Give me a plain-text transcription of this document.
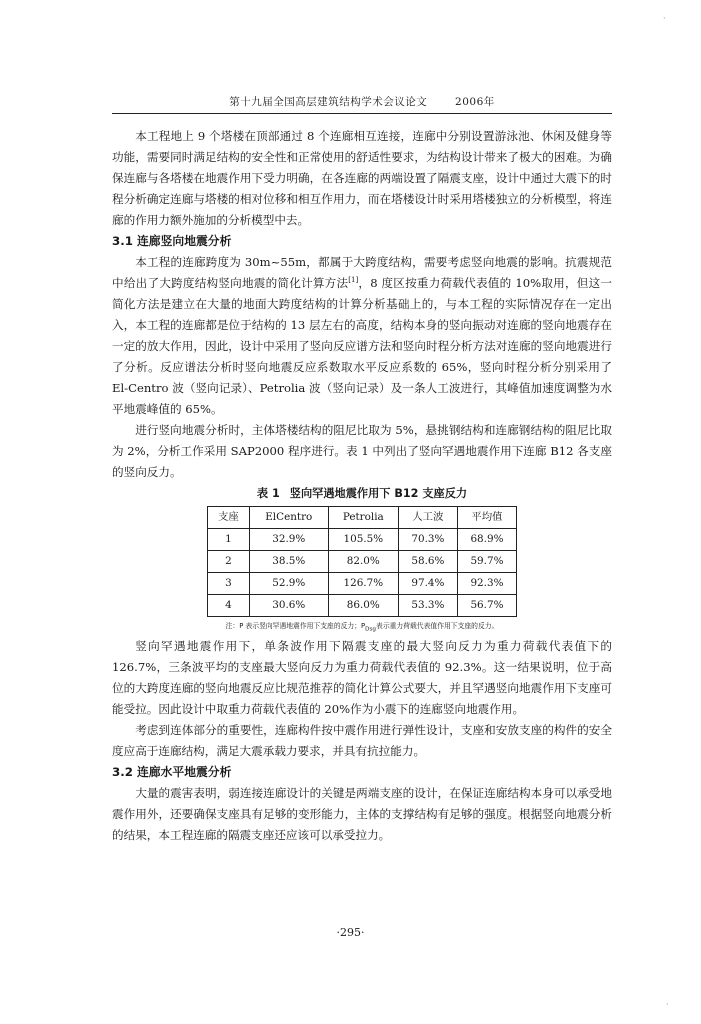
第十九届全国高层建筑结构学术会议论文	2006年

本工程地上 9 个塔楼在顶部通过 8 个连廊相互连接，连廊中分别设置游泳池、休闲及健身等功能，需要同时满足结构的安全性和正常使用的舒适性要求，为结构设计带来了极大的困难。为确保连廊与各塔楼在地震作用下受力明确，在各连廊的两端设置了隔震支座，设计中通过大震下的时程分析确定连廊与塔楼的相对位移和相互作用力，而在塔楼设计时采用塔楼独立的分析模型，将连廊的作用力额外施加的分析模型中去。

3.1 连廊竖向地震分析

本工程的连廊跨度为 30m~55m，都属于大跨度结构，需要考虑竖向地震的影响。抗震规范中给出了大跨度结构竖向地震的简化计算方法[1]，8 度区按重力荷载代表值的 10%取用，但这一简化方法是建立在大量的地面大跨度结构的计算分析基础上的，与本工程的实际情况存在一定出入，本工程的连廊都是位于结构的 13 层左右的高度，结构本身的竖向振动对连廊的竖向地震存在一定的放大作用，因此，设计中采用了竖向反应谱方法和竖向时程分析方法对连廊的竖向地震进行了分析。反应谱法分析时竖向地震反应系数取水平反应系数的 65%，竖向时程分析分别采用了 El-Centro 波（竖向记录）、Petrolia 波（竖向记录）及一条人工波进行，其峰值加速度调整为水平地震峰值的 65%。

进行竖向地震分析时，主体塔楼结构的阻尼比取为 5%，悬挑钢结构和连廊钢结构的阻尼比取为 2%，分析工作采用 SAP2000 程序进行。表 1 中列出了竖向罕遇地震作用下连廊 B12 各支座的竖向反力。

表 1 竖向罕遇地震作用下 B12 支座反力
支座	ElCentro	Petrolia	人工波	平均值
1	32.9%	105.5%	70.3%	68.9%
2	38.5%	82.0%	58.6%	59.7%
3	52.9%	126.7%	97.4%	92.3%
4	30.6%	86.0%	53.3%	56.7%
注：P 表示竖向罕遇地震作用下支座的反力；$P_{Dsg}$表示重力荷载代表值作用下支座的反力。

竖向罕遇地震作用下，单条波作用下隔震支座的最大竖向反力为重力荷载代表值下的 126.7%，三条波平均的支座最大竖向反力为重力荷载代表值的 92.3%。这一结果说明，位于高位的大跨度连廊的竖向地震反应比规范推荐的简化计算公式要大，并且罕遇竖向地震作用下支座可能受拉。因此设计中取重力荷载代表值的 20%作为小震下的连廊竖向地震作用。

考虑到连体部分的重要性，连廊构件按中震作用进行弹性设计，支座和安放支座的构件的安全度应高于连廊结构，满足大震承载力要求，并具有抗拉能力。

3.2 连廊水平地震分析

大量的震害表明，弱连接连廊设计的关键是两端支座的设计，在保证连廊结构本身可以承受地震作用外，还要确保支座具有足够的变形能力，主体的支撑结构有足够的强度。根据竖向地震分析的结果，本工程连廊的隔震支座还应该可以承受拉力。

·295·
·
·
